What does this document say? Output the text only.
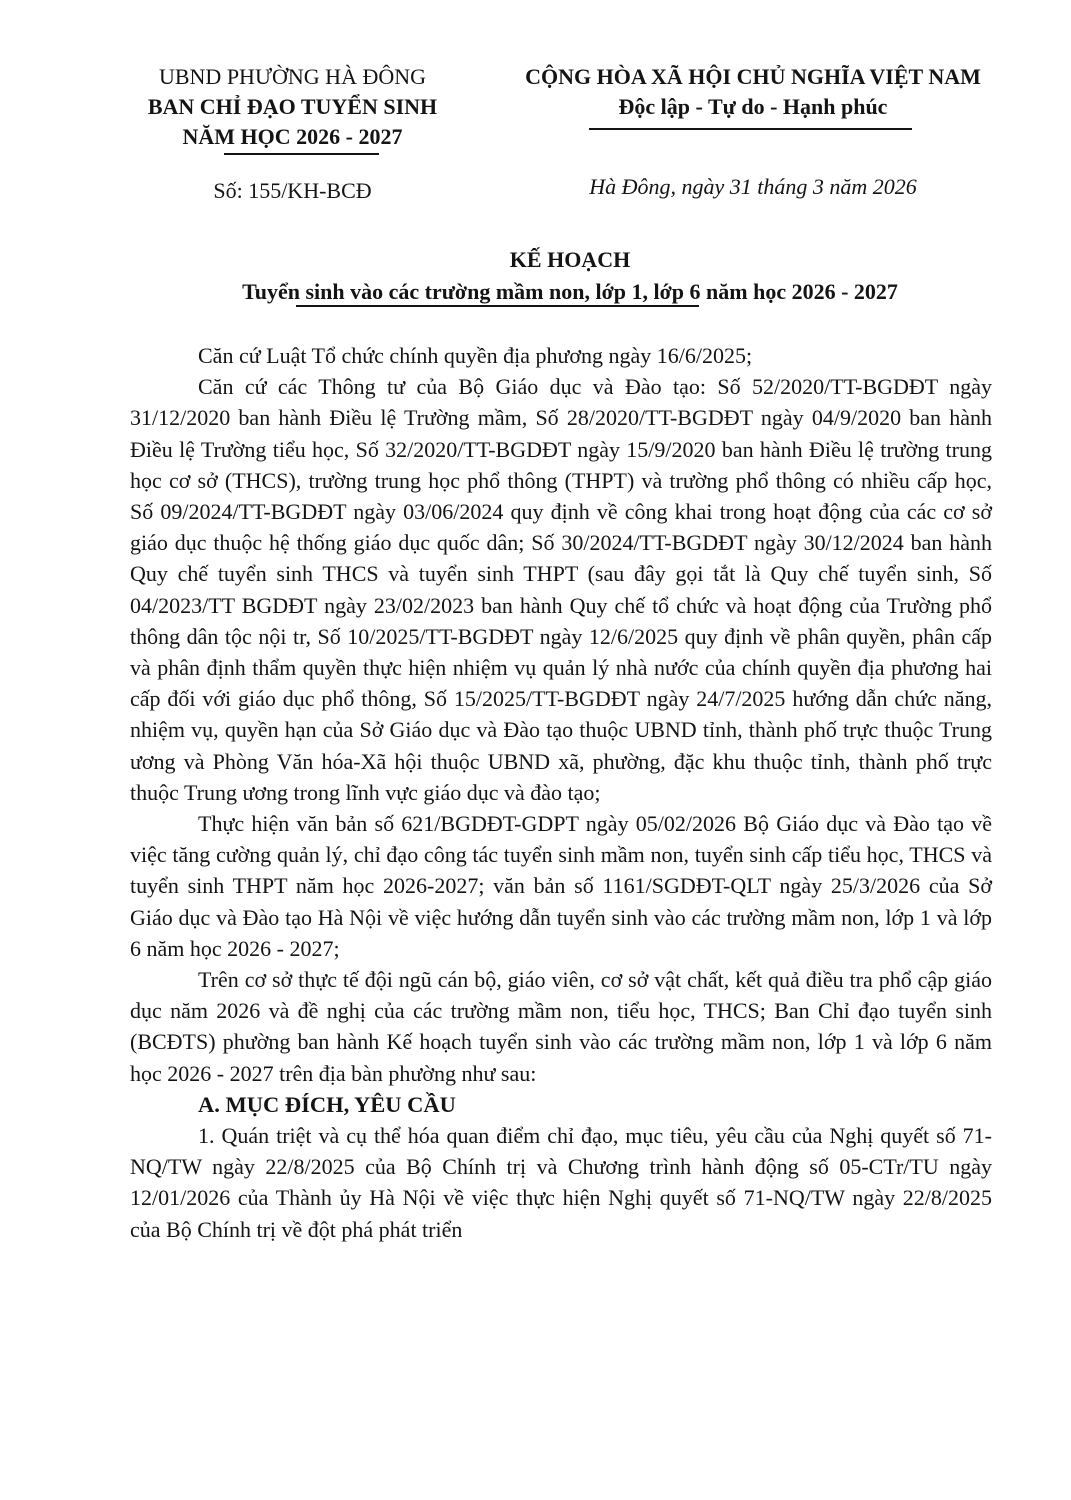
UBND PHƯỜNG HÀ ĐÔNG
BAN CHỈ ĐẠO TUYỂN SINH
NĂM HỌC 2026 - 2027
CỘNG HÒA XÃ HỘI CHỦ NGHĨA VIỆT NAM
Độc lập - Tự do - Hạnh phúc
Số: 155/KH-BCĐ	Hà Đông, ngày 31 tháng 3 năm 2026
KẾ HOẠCH
Tuyển sinh vào các trường mầm non, lớp 1, lớp 6 năm học 2026 - 2027

Căn cứ Luật Tổ chức chính quyền địa phương ngày 16/6/2025;

Căn cứ các Thông tư của Bộ Giáo dục và Đào tạo: Số 52/2020/TT-BGDĐT ngày 31/12/2020 ban hành Điều lệ Trường mầm, Số 28/2020/TT-BGDĐT ngày 04/9/2020 ban hành Điều lệ Trường tiểu học, Số 32/2020/TT-BGDĐT ngày 15/9/2020 ban hành Điều lệ trường trung học cơ sở (THCS), trường trung học phổ thông (THPT) và trường phổ thông có nhiều cấp học, Số 09/2024/TT-BGDĐT ngày 03/06/2024 quy định về công khai trong hoạt động của các cơ sở giáo dục thuộc hệ thống giáo dục quốc dân; Số 30/2024/TT-BGDĐT ngày 30/12/2024 ban hành Quy chế tuyển sinh THCS và tuyển sinh THPT (sau đây gọi tắt là Quy chế tuyển sinh, Số 04/2023/TT BGDĐT ngày 23/02/2023 ban hành Quy chế tổ chức và hoạt động của Trường phổ thông dân tộc nội tr, Số 10/2025/TT-BGDĐT ngày 12/6/2025 quy định về phân quyền, phân cấp và phân định thẩm quyền thực hiện nhiệm vụ quản lý nhà nước của chính quyền địa phương hai cấp đối với giáo dục phổ thông, Số 15/2025/TT-BGDĐT ngày 24/7/2025 hướng dẫn chức năng, nhiệm vụ, quyền hạn của Sở Giáo dục và Đào tạo thuộc UBND tỉnh, thành phố trực thuộc Trung ương và Phòng Văn hóa-Xã hội thuộc UBND xã, phường, đặc khu thuộc tỉnh, thành phố trực thuộc Trung ương trong lĩnh vực giáo dục và đào tạo;

Thực hiện văn bản số 621/BGDĐT-GDPT ngày 05/02/2026 Bộ Giáo dục và Đào tạo về việc tăng cường quản lý, chỉ đạo công tác tuyển sinh mầm non, tuyển sinh cấp tiểu học, THCS và tuyển sinh THPT năm học 2026-2027; văn bản số 1161/SGDĐT-QLT ngày 25/3/2026 của Sở Giáo dục và Đào tạo Hà Nội về việc hướng dẫn tuyển sinh vào các trường mầm non, lớp 1 và lớp 6 năm học 2026 - 2027;

Trên cơ sở thực tế đội ngũ cán bộ, giáo viên, cơ sở vật chất, kết quả điều tra phổ cập giáo dục năm 2026 và đề nghị của các trường mầm non, tiểu học, THCS; Ban Chỉ đạo tuyển sinh (BCĐTS) phường ban hành Kế hoạch tuyển sinh vào các trường mầm non, lớp 1 và lớp 6 năm học 2026 - 2027 trên địa bàn phường như sau:

A. MỤC ĐÍCH, YÊU CẦU

1. Quán triệt và cụ thể hóa quan điểm chỉ đạo, mục tiêu, yêu cầu của Nghị quyết số 71-NQ/TW ngày 22/8/2025 của Bộ Chính trị và Chương trình hành động số 05-CTr/TU ngày 12/01/2026 của Thành ủy Hà Nội về việc thực hiện Nghị quyết số 71-NQ/TW ngày 22/8/2025 của Bộ Chính trị về đột phá phát triển
